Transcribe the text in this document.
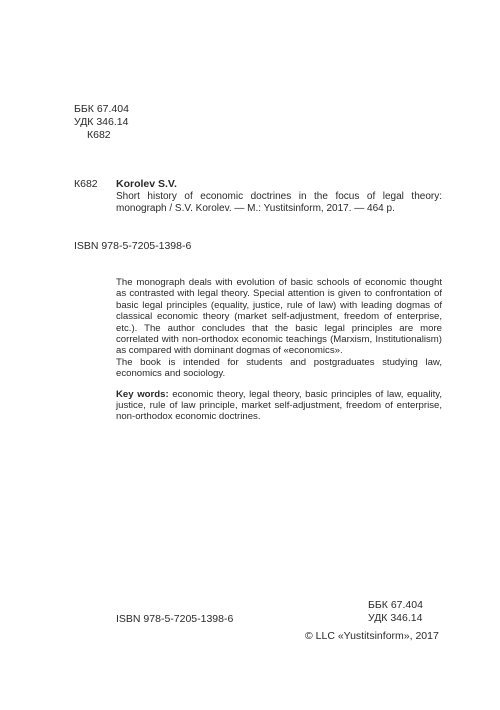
ББК 67.404
УДК 346.14
К682
К682 Korolev S.V.
Short history of economic doctrines in the focus of legal theory: monograph / S.V. Korolev. — M.: Yustitsinform, 2017. — 464 p.
ISBN 978-5-7205-1398-6

The monograph deals with evolution of basic schools of economic thought as contrasted with legal theory. Special attention is given to confrontation of basic legal principles (equality, justice, rule of law) with leading dogmas of classical economic theory (market self-adjustment, freedom of enterprise, etc.). The author concludes that the basic legal principles are more correlated with non-orthodox economic teachings (Marxism, Institutionalism) as compared with dominant dogmas of «economics».

The book is intended for students and postgraduates studying law, economics and sociology.

Key words: economic theory, legal theory, basic principles of law, equality, justice, rule of law principle, market self-adjustment, freedom of enterprise, non-orthodox economic doctrines.

ББК 67.404
УДК 346.14
ISBN 978-5-7205-1398-6
© LLC «Yustitsinform», 2017
